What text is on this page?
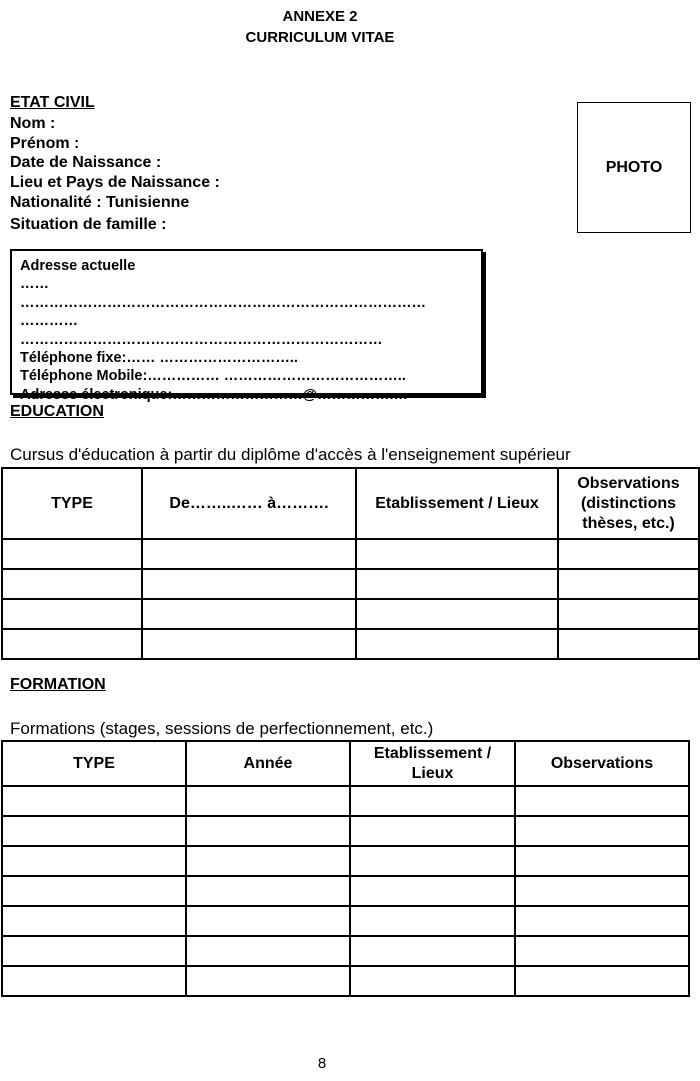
ANNEXE 2
CURRICULUM VITAE
ETAT CIVIL
Nom :
Prénom :
Date de Naissance :
Lieu et Pays de Naissance :
Nationalité : Tunisienne
Situation de famille :
PHOTO
Adresse actuelle
……
…………………………………………………………………………
…………
…………………………………………………………………
Téléphone fixe:…… ………………………..
Téléphone Mobile:…………… ………………………………..
Adresse électronique:………………………@…………….…
EDUCATION
Cursus d'éducation à partir du diplôme d'accès à l'enseignement supérieur
TYPE	De……..…… à……….	Etablissement / Lieux	Observations (distinctions thèses, etc.)

FORMATION
Formations (stages, sessions de perfectionnement, etc.)
TYPE	Année	Etablissement / Lieux	Observations

8
